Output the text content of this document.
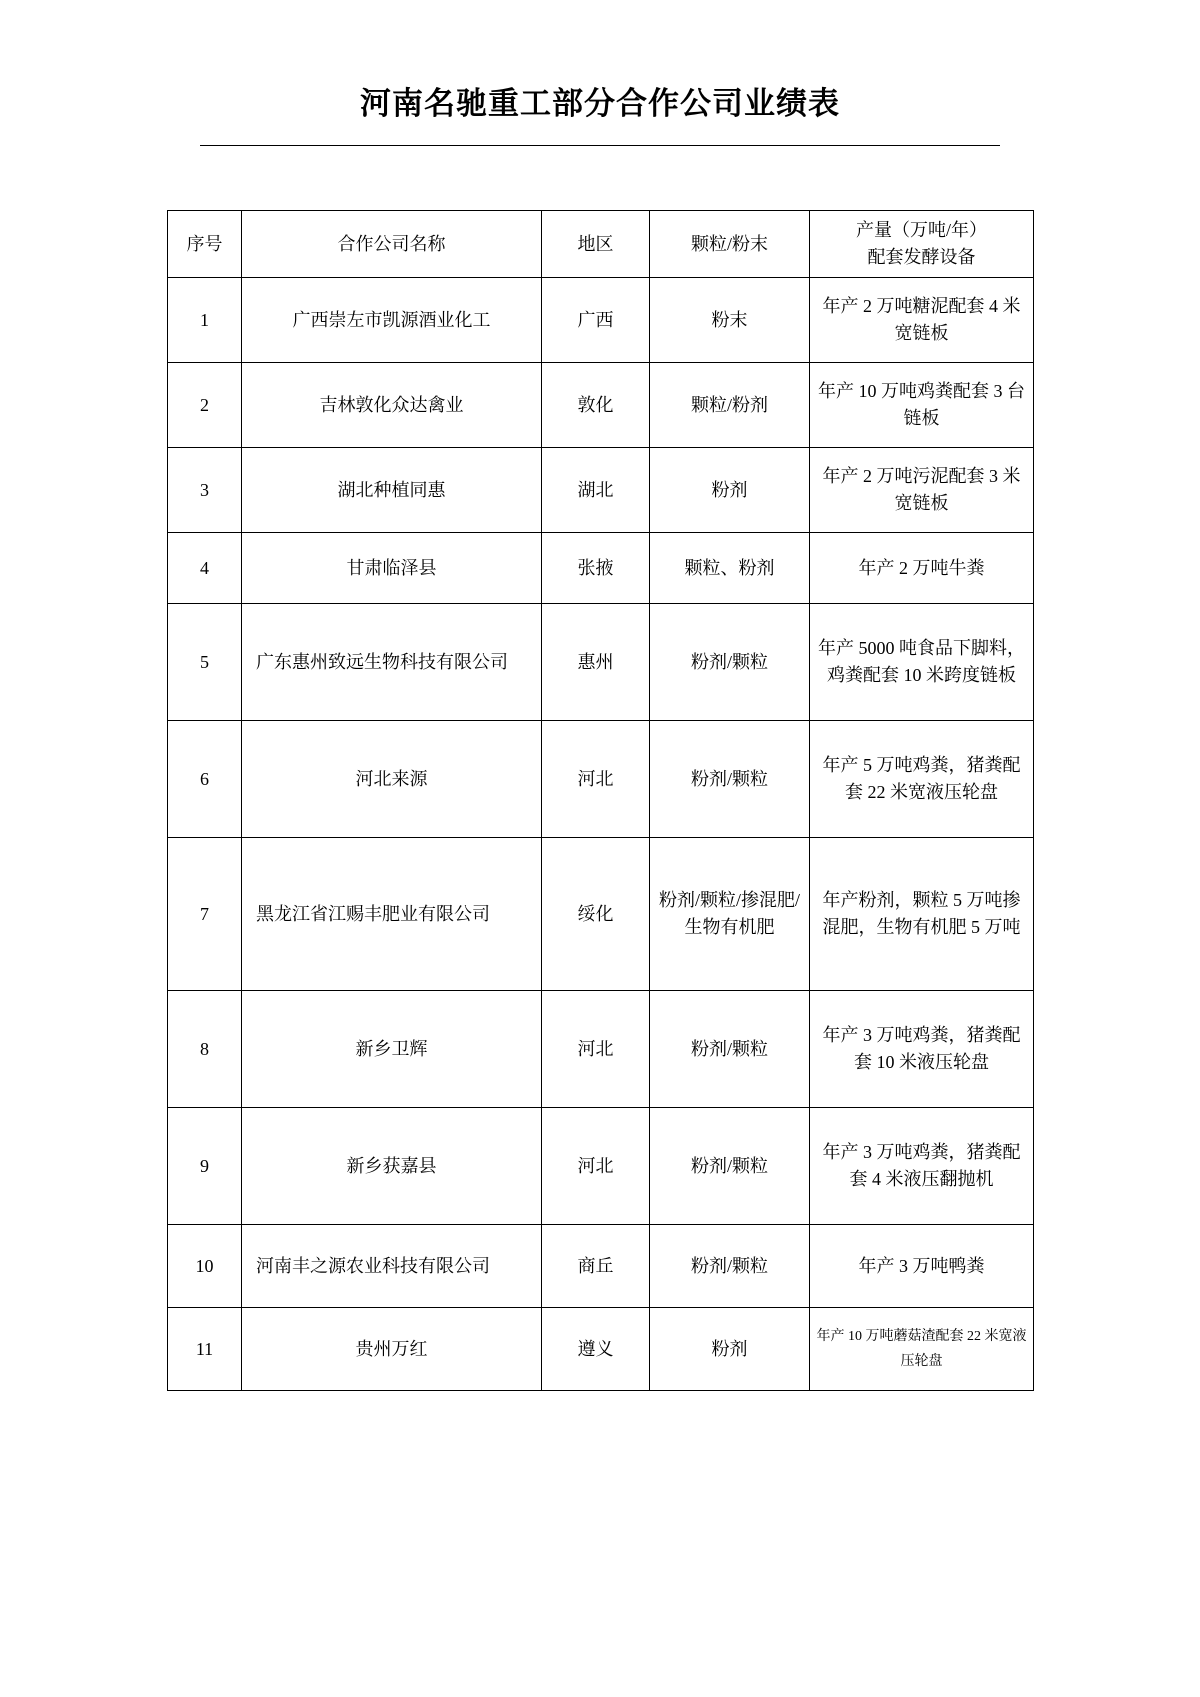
河南名驰重工部分合作公司业绩表
序号	合作公司名称	地区	颗粒/粉末	产量（万吨/年）
配套发酵设备

1	广西崇左市凯源酒业化工	广西	粉末	年产 2 万吨糖泥配套 4 米宽链板
2	吉林敦化众达禽业	敦化	颗粒/粉剂	年产 10 万吨鸡粪配套 3 台链板
3	湖北种植同惠	湖北	粉剂	年产 2 万吨污泥配套 3 米宽链板
4	甘肃临泽县	张掖	颗粒、粉剂	年产 2 万吨牛粪
5	广东惠州致远生物科技有限公司	惠州	粉剂/颗粒	年产 5000 吨食品下脚料，鸡粪配套 10 米跨度链板
6	河北来源	河北	粉剂/颗粒	年产 5 万吨鸡粪，猪粪配套 22 米宽液压轮盘
7	黑龙江省江赐丰肥业有限公司	绥化	粉剂/颗粒/掺混肥/生物有机肥	年产粉剂，颗粒 5 万吨掺混肥，生物有机肥 5 万吨
8	新乡卫辉	河北	粉剂/颗粒	年产 3 万吨鸡粪，猪粪配套 10 米液压轮盘
9	新乡获嘉县	河北	粉剂/颗粒	年产 3 万吨鸡粪，猪粪配套 4 米液压翻抛机
10	河南丰之源农业科技有限公司	商丘	粉剂/颗粒	年产 3 万吨鸭粪
11	贵州万红	遵义	粉剂	年产 10 万吨蘑菇渣配套 22 米宽液压轮盘
